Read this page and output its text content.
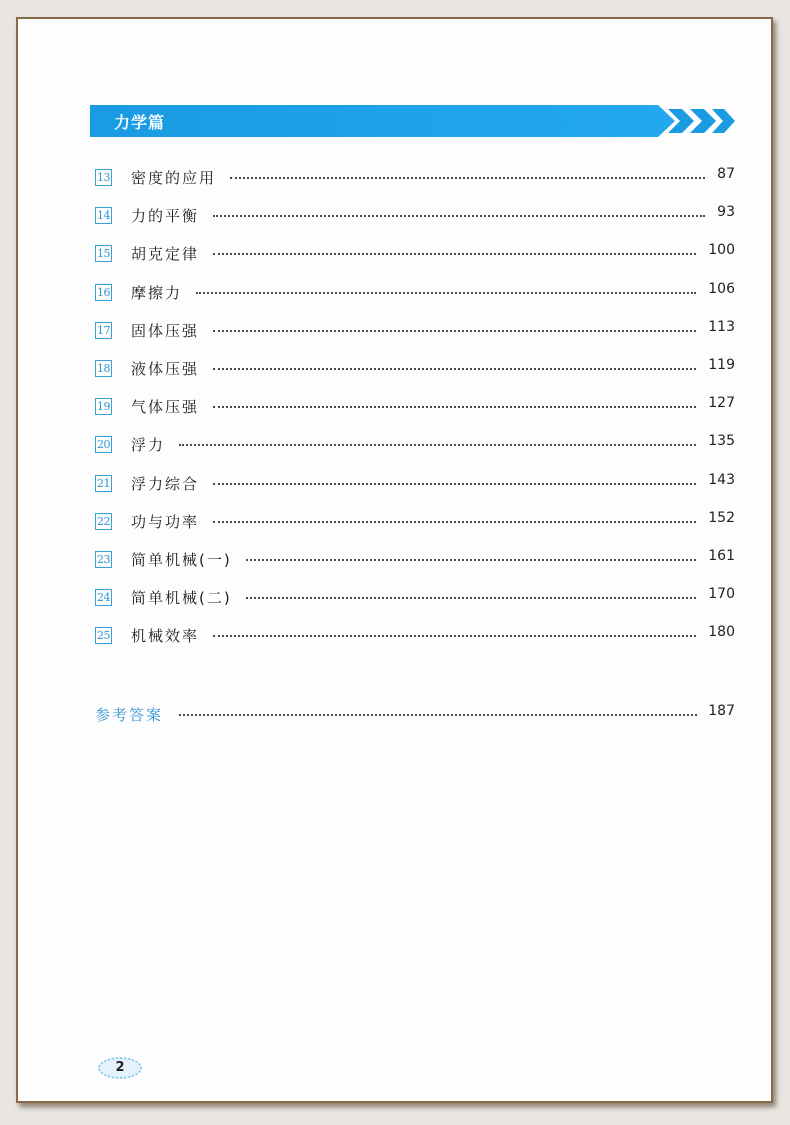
力学篇
13 密度的应用	87
14 力的平衡	93
15 胡克定律	100
16 摩擦力	106
17 固体压强	113
18 液体压强	119
19 气体压强	127
20 浮力	135
21 浮力综合	143
22 功与功率	152
23 简单机械(一)	161
24 简单机械(二)	170
25 机械效率	180
参考答案	187
2
